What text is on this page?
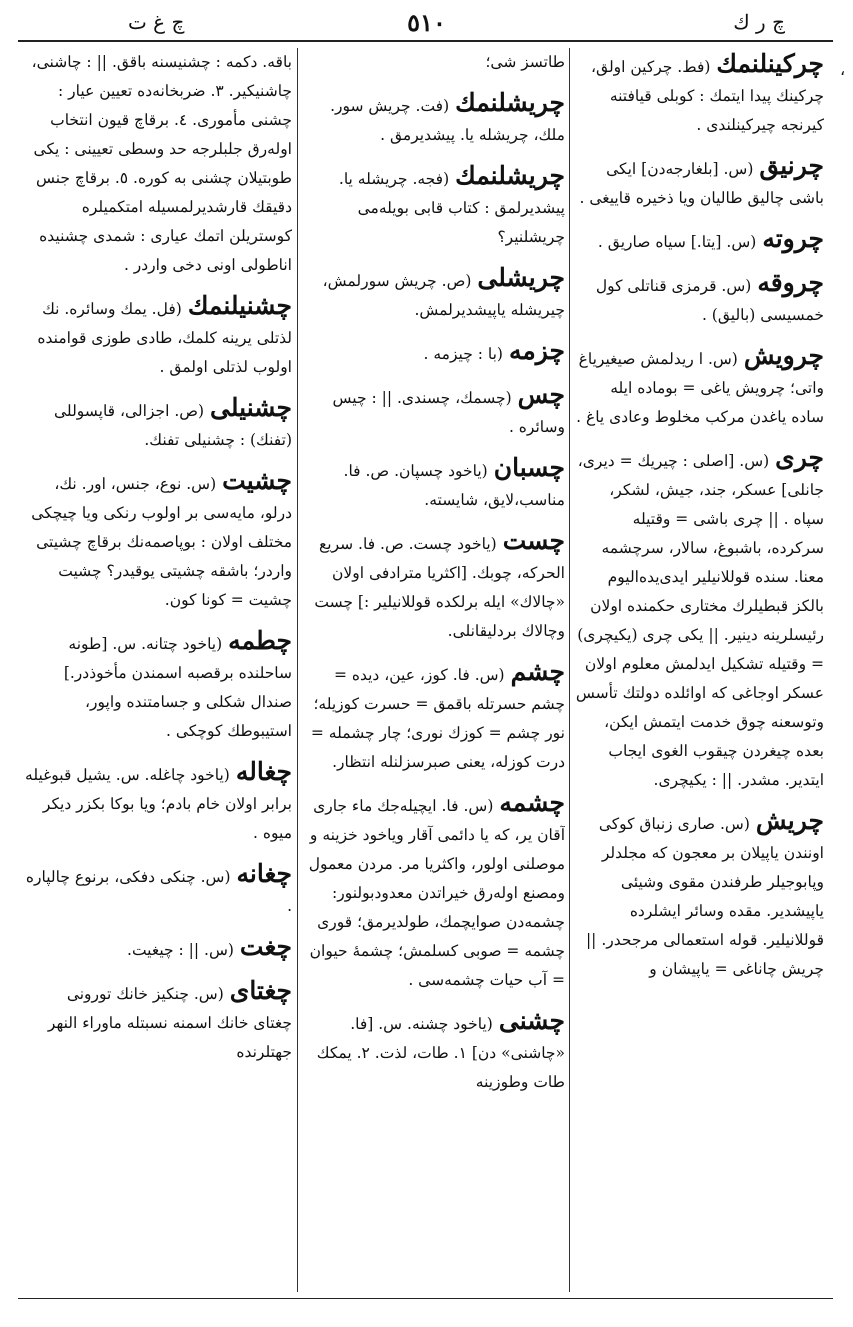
چ ر ك
٥١٠
چ غ ت
،
چرکینلنمك(فط. چرکین اولق، چرکینك پیدا ایتمك : کوبلی قیافتنه کیرنجه چیرکینلندی .
چرنیق(س. [بلغارجه‌دن] ایکی باشی چالیق طالیان ویا ذخیره قاییغی .
چروته(س. [یتا.] سیاه صاریق .
چروقه(س. قرمزی قناتلی کول خمسیسی (بالیق) .
چرویش(س. ا ریدلمش صیغیریاغ واتی؛ چرویش یاغی = بوماده ایله ساده یاغدن مرکب مخلوط وعادی یاغ .
چری(س. [اصلی : چیریك = دیری، جانلی] عسکر، جند، جیش، لشکر، سپاه . || چری باشی = وقتیله سرکرده، باشبوغ، سالار، سرچشمه معنا. سنده قوللانیلیر ایدی‌یده‌الیوم بالکز قبطیلرك مختاری حکمنده اولان رئیسلرینه دینیر. || یکی چری (یکیچری) = وقتیله تشکیل ایدلمش معلوم اولان عسکر اوجاغی که اوائلده دولتك تأسس وتوسعنه چوق خدمت ایتمش ایکن، بعده چیغردن چیقوب الغوی ایجاب ایتدیر. مشدر. || : یکیچری.
چریش(س. صاری زنباق کوکی اونندن یاپیلان بر معجون که مجلدلر وپابوجیلر طرفندن مقوی وشیئی یاپیشدیر. مقده وسائر ایشلرده قوللانیلیر. قوله استعمالی مرجحدر. || چریش چاناغی = یاپیشان و
طاتسز شی؛
چریشلنمك(فت. چریش سور. ملك، چریشله یا. پیشدیرمق .
چریشلنمك(فجه. چریشله یا. پیشدیرلمق : کتاب قابی بویله‌می چریشلنیر؟
چریشلی(ص. چریش سورلمش، چیریشله یاپیشدیرلمش.
چزمه(با : چیزمه .
چس(چسمك، چسندی. || : چیس وسائره .
چسبان(یاخود چسپان. ص. فا. مناسب،لایق، شایسته.
چست(یاخود چست. ص. فا. سریع الحرکه، چوبك. [اکثریا مترادفی اولان «چالاك» ایله برلکده قوللانیلیر :] چست وچالاك بردلیقانلی.
چشم(س. فا. کوز، عین، دیده = چشم حسرتله باقمق = حسرت کوزیله؛ نور چشم = کوزك نوری؛ چار چشمله = درت کوزله، یعنی صبرسزلنله انتظار.
چشمه(س. فا. ایچیله‌جك ماء جاری آقان یر، که یا دائمی آقار ویاخود خزینه و موصلنی اولور، واکثریا مر. مردن معمول ومصنع اوله‌رق خیراتدن معدودبولنور: چشمه‌دن صوایچمك، طولدیرمق؛ قوری چشمه = صوبی کسلمش؛ چشمهٔ حیوان = آب حیات چشمه‌سی .
چشنی(یاخود چشنه. س. [فا. «چاشنی» دن] ۱. طات، لذت. ۲. یمکك طات وطوزینه
باقه. دکمه : چشنیسنه باقق. || : چاشنی، چاشنیکیر. ۳. ضربخانه‌ده تعیین عیار : چشنی مأموری. ٤. برقاچ قیون انتخاب اوله‌رق جلبلرجه حد وسطی تعیینی : یکی طوبتیلان چشنی به کوره. ٥. برقاچ جنس دقیقك قارشدیرلمسیله امتکمیلره کوستریلن اتمك عیاری : شمدی چشنیده اناطولی اونی دخی واردر .
چشنیلنمك(فل. یمك وسائره. نك لذتلی یرینه کلمك، طادی طوزی قوامنده اولوب لذتلی اولمق .
چشنیلی(ص. اجزالی، قاپسوللی (تفنك) : چشنیلی تفنك.
چشیت(س. نوع، جنس، اور. نك، درلو، مایه‌سی بر اولوب رنکی ویا چیچکی مختلف اولان : بوپاصمه‌نك برقاچ چشیتی واردر؛ باشقه چشیتی یوقیدر؟ چشیت چشیت = کونا کون.
چطمه(یاخود چتانه. س. [طونه ساحلنده برقصبه اسمندن مأخوذدر.] صندال شکلی و جسامتنده واپور، استیبوطك کوچکی .
چغاله(یاخود چاغله. س. یشیل قبوغیله برابر اولان خام بادم؛ ویا بوکا بکزر دیکر میوه .
چغانه(س. چنکی دفکی، برنوع چالپاره .
چغت(س. || : چیغیت.
چغتای(س. چنکیز خانك تورونی چغتای خانك اسمنه نسبتله ماوراء النهر جهتلرنده
